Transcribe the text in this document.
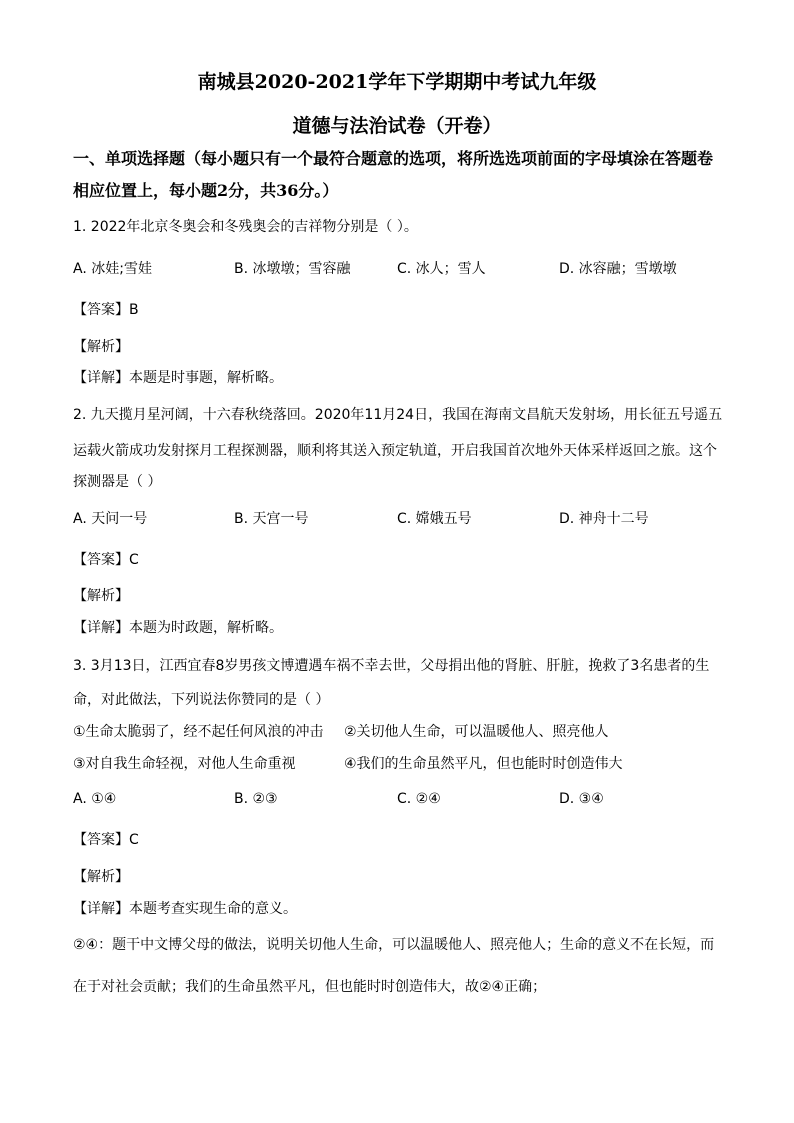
南城县2020-2021学年下学期期中考试九年级
道德与法治试卷（开卷）
一、单项选择题（每小题只有一个最符合题意的选项，将所选选项前面的字母填涂在答题卷
相应位置上，每小题2分，共36分。）
1. 2022年北京冬奥会和冬残奥会的吉祥物分别是（ ）。
A. 冰娃;雪娃	B. 冰墩墩；雪容融	C. 冰人；雪人	D. 冰容融；雪墩墩
【答案】B
【解析】
【详解】本题是时事题，解析略。
2. 九天揽月星河阔，十六春秋绕落回。2020年11月24日，我国在海南文昌航天发射场，用长征五号遥五
运载火箭成功发射探月工程探测器，顺利将其送入预定轨道，开启我国首次地外天体采样返回之旅。这个
探测器是（ ）
A. 天问一号	B. 天宫一号	C. 嫦娥五号	D. 神舟十二号
【答案】C
【解析】
【详解】本题为时政题，解析略。
3. 3月13日，江西宜春8岁男孩文博遭遇车祸不幸去世，父母捐出他的肾脏、肝脏，挽救了3名患者的生
命，对此做法，下列说法你赞同的是（ ）
①生命太脆弱了，经不起任何风浪的冲击 ②关切他人生命，可以温暖他人、照亮他人
③对自我生命轻视，对他人生命重视	④我们的生命虽然平凡，但也能时时创造伟大
A. ①④	B. ②③	C. ②④	D. ③④
【答案】C
【解析】
【详解】本题考查实现生命的意义。
②④：题干中文博父母的做法，说明关切他人生命，可以温暖他人、照亮他人；生命的意义不在长短，而
在于对社会贡献；我们的生命虽然平凡，但也能时时创造伟大，故②④正确；
